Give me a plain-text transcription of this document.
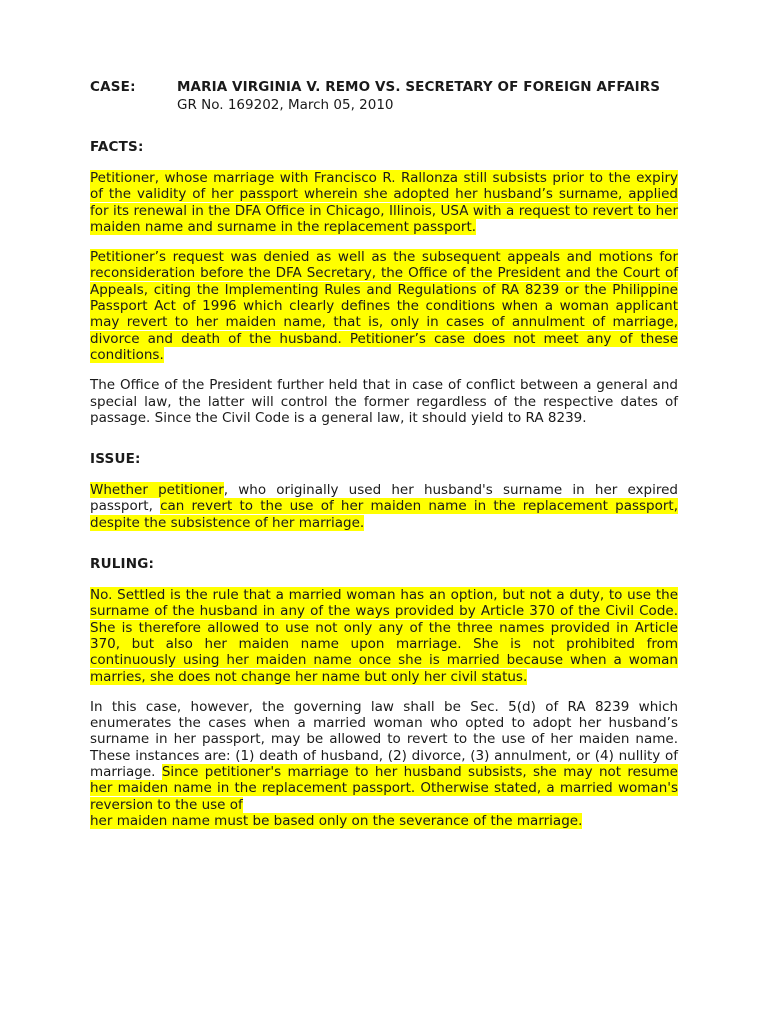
CASE:	MARIA VIRGINIA V. REMO VS. SECRETARY OF FOREIGN AFFAIRS
GR No. 169202, March 05, 2010
FACTS:

Petitioner, whose marriage with Francisco R. Rallonza still subsists prior to the expiry of the validity of her passport wherein she adopted her husband’s surname, applied for its renewal in the DFA Office in Chicago, Illinois, USA with a request to revert to her maiden name and surname in the replacement passport.

Petitioner’s request was denied as well as the subsequent appeals and motions for reconsideration before the DFA Secretary, the Office of the President and the Court of Appeals, citing the Implementing Rules and Regulations of RA 8239 or the Philippine Passport Act of 1996 which clearly defines the conditions when a woman applicant may revert to her maiden name, that is, only in cases of annulment of marriage, divorce and death of the husband. Petitioner’s case does not meet any of these conditions.

The Office of the President further held that in case of conflict between a general and special law, the latter will control the former regardless of the respective dates of passage. Since the Civil Code is a general law, it should yield to RA 8239.

ISSUE:

Whether petitioner, who originally used her husband's surname in her expired passport, can revert to the use of her maiden name in the replacement passport, despite the subsistence of her marriage.

RULING:

No. Settled is the rule that a married woman has an option, but not a duty, to use the surname of the husband in any of the ways provided by Article 370 of the Civil Code. She is therefore allowed to use not only any of the three names provided in Article 370, but also her maiden name upon marriage. She is not prohibited from continuously using her maiden name once she is married because when a woman marries, she does not change her name but only her civil status.

In this case, however, the governing law shall be Sec. 5(d) of RA 8239 which enumerates the cases when a married woman who opted to adopt her husband’s surname in her passport, may be allowed to revert to the use of her maiden name. These instances are: (1) death of husband, (2) divorce, (3) annulment, or (4) nullity of marriage. Since petitioner's marriage to her husband subsists, she may not resume her maiden name in the replacement passport. Otherwise stated, a married woman's reversion to the use of

her maiden name must be based only on the severance of the marriage.
